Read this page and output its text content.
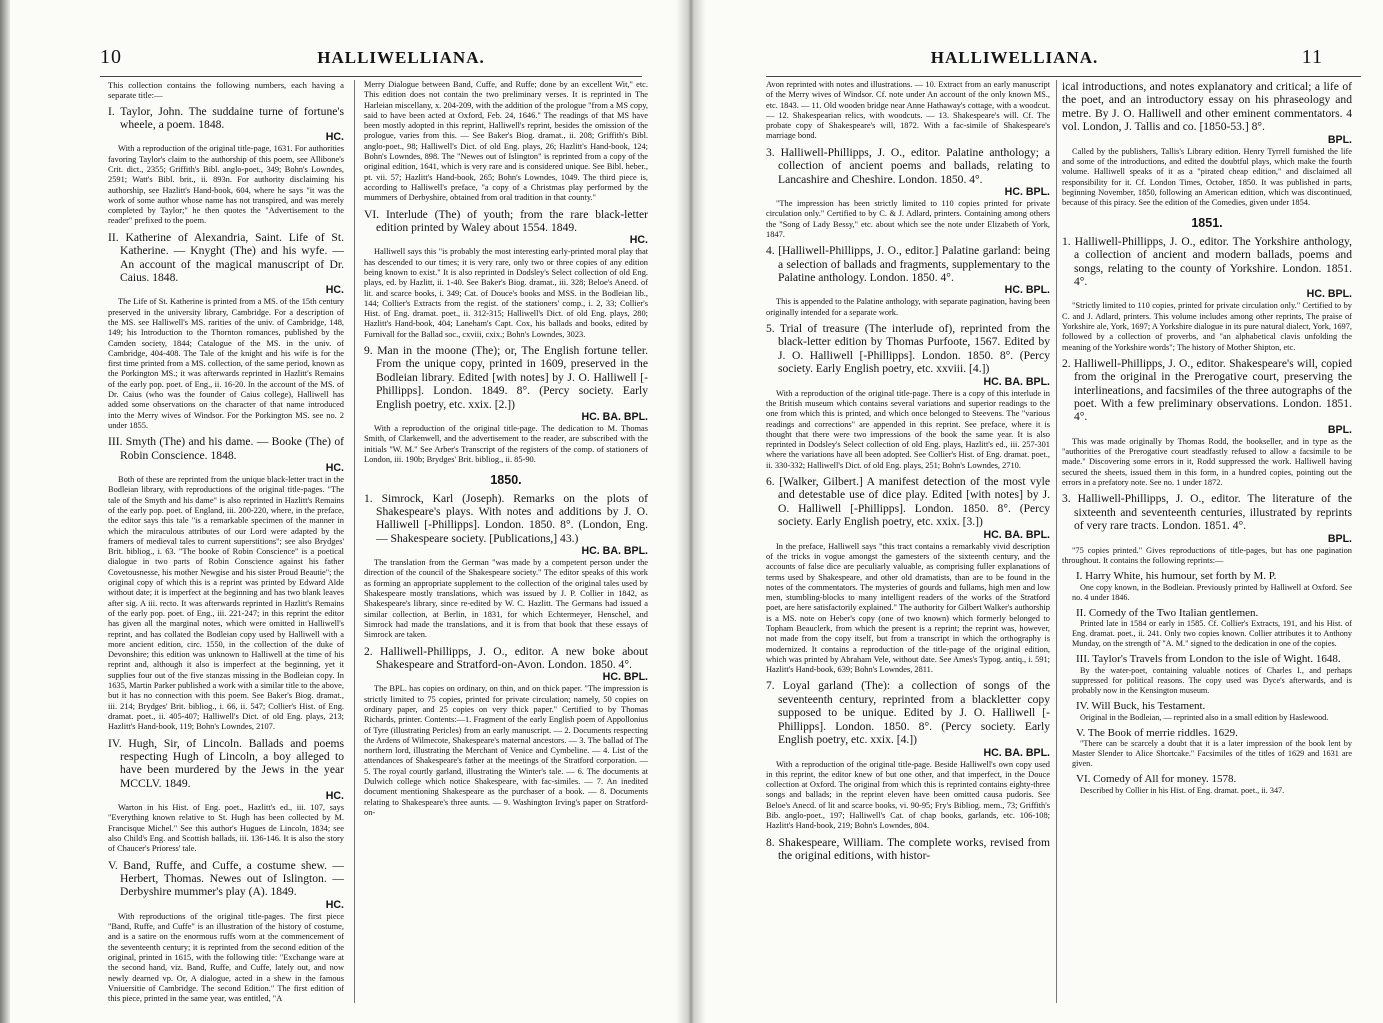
10	HALLIWELLIANA.
This collection contains the following numbers, each having a separate title:—
I. Taylor, John. The suddaine turne of fortune's wheele, a poem. 1848.
HC.
With a reproduction of the original title-page, 1631. For authorities favoring Taylor's claim to the authorship of this poem, see Allibone's Crit. dict., 2355; Griffith's Bibl. anglo-poet., 349; Bohn's Lowndes, 2591; Watt's Bibl. brit., ii. 893n. For authority disclaiming his authorship, see Hazlitt's Hand-book, 604, where he says "it was the work of some author whose name has not transpired, and was merely completed by Taylor;" he then quotes the "Advertisement to the reader" prefixed to the poem.
II. Katherine of Alexandria, Saint. Life of St. Katherine. — Knyght (The) and his wyfe. — An account of the magical manuscript of Dr. Caius. 1848.
HC.
The Life of St. Katherine is printed from a MS. of the 15th century preserved in the university library, Cambridge. For a description of the MS. see Halliwell's MS. rarities of the univ. of Cambridge, 148, 149; his Introduction to the Thornton romances, published by the Camden society, 1844; Catalogue of the MS. in the univ. of Cambridge, 404-408. The Tale of the knight and his wife is for the first time printed from a MS. collection, of the same period, known as the Porkington MS.; it was afterwards reprinted in Hazlitt's Remains of the early pop. poet. of Eng., ii. 16-20. In the account of the MS. of Dr. Caius (who was the founder of Caius college), Halliwell has added some observations on the character of that name introduced into the Merry wives of Windsor. For the Porkington MS. see no. 2 under 1855.
III. Smyth (The) and his dame. — Booke (The) of Robin Conscience. 1848.
HC.
Both of these are reprinted from the unique black-letter tract in the Bodleian library, with reproductions of the original title-pages. "The tale of the Smyth and his dame" is also reprinted in Hazlitt's Remains of the early pop. poet. of England, iii. 200-220, where, in the preface, the editor says this tale "is a remarkable specimen of the manner in which the miraculous attributes of our Lord were adapted by the framers of medieval tales to current superstitions"; see also Brydges' Brit. bibliog., i. 63. "The booke of Robin Conscience" is a poetical dialogue in two parts of Robin Conscience against his father Covetousnesse, his mother Newgise and his sister Proud Beautie"; the original copy of which this is a reprint was printed by Edward Alde without date; it is imperfect at the beginning and has two blank leaves after sig. A iii. recto. It was afterwards reprinted in Hazlitt's Remains of the early pop. poet. of Eng., iii. 221-247; in this reprint the editor has given all the marginal notes, which were omitted in Halliwell's reprint, and has collated the Bodleian copy used by Halliwell with a more ancient edition, circ. 1550, in the collection of the duke of Devonshire; this edition was unknown to Halliwell at the time of his reprint and, although it also is imperfect at the beginning, yet it supplies four out of the five stanzas missing in the Bodleian copy. In 1635, Martin Parker published a work with a similar title to the above, but it has no connection with this poem. See Baker's Biog. dramat., iii. 214; Brydges' Brit. bibliog., i. 66, ii. 547; Collier's Hist. of Eng. dramat. poet., ii. 405-407; Halliwell's Dict. of old Eng. plays, 213; Hazlitt's Hand-book, 119; Bohn's Lowndes, 2107.
IV. Hugh, Sir, of Lincoln. Ballads and poems respecting Hugh of Lincoln, a boy alleged to have been murdered by the Jews in the year MCCLV. 1849.
HC.
Warton in his Hist. of Eng. poet., Hazlitt's ed., iii. 107, says "Everything known relative to St. Hugh has been collected by M. Francisque Michel." See this author's Hugues de Lincoln, 1834; see also Child's Eng. and Scottish ballads, iii. 136-146. It is also the story of Chaucer's Prioress' tale.
V. Band, Ruffe, and Cuffe, a costume shew. — Herbert, Thomas. Newes out of Islington. — Derbyshire mummer's play (A). 1849.
HC.
With reproductions of the original title-pages. The first piece "Band, Ruffe, and Cuffe" is an illustration of the history of costume, and is a satire on the enormous ruffs worn at the commencement of the seventeenth century; it is reprinted from the second edition of the original, printed in 1615, with the following title: "Exchange ware at the second hand, viz. Band, Ruffe, and Cuffe, lately out, and now newly dearned vp. Or, A dialogue, acted in a shew in the famous Vniuersitie of Cambridge. The second Edition." The first edition of this piece, printed in the same year, was entitled, "A
Merry Dialogue between Band, Cuffe, and Ruffe; done by an excellent Wit," etc. This edition does not contain the two preliminary verses. It is reprinted in The Harleian miscellany, x. 204-209, with the addition of the prologue "from a MS copy, said to have been acted at Oxford, Feb. 24, 1646." The readings of that MS have been mostly adopted in this reprint, Halliwell's reprint, besides the omission of the prologue, varies from this. — See Baker's Biog. dramat., ii. 208; Griffith's Bibl. anglo-poet., 98; Halliwell's Dict. of old Eng. plays, 26; Hazlitt's Hand-book, 124; Bohn's Lowndes, 898. The "Newes out of Islington" is reprinted from a copy of the original edition, 1641, which is very rare and is considered unique. See Bibl. heber., pt. vii. 57; Hazlitt's Hand-book, 265; Bohn's Lowndes, 1049. The third piece is, according to Halliwell's preface, "a copy of a Christmas play performed by the mummers of Derbyshire, obtained from oral tradition in that county."
VI. Interlude (The) of youth; from the rare black-letter edition printed by Waley about 1554. 1849.
HC.
Halliwell says this "is probably the most interesting early-printed moral play that has descended to our times; it is very rare, only two or three copies of any edition being known to exist." It is also reprinted in Dodsley's Select collection of old Eng. plays, ed. by Hazlitt, ii. 1-40. See Baker's Biog. dramat., iii. 328; Beloe's Anecd. of lit. and scarce books, i. 349; Cat. of Douce's books and MSS. in the Bodleian lib., 144; Collier's Extracts from the regist. of the stationers' comp., i. 2, 33; Collier's Hist. of Eng. dramat. poet., ii. 312-315; Halliwell's Dict. of old Eng. plays, 280; Hazlitt's Hand-book, 404; Laneham's Capt. Cox, his ballads and books, edited by Furnivall for the Ballad soc., cxviii, cxix.; Bohn's Lowndes, 3023.
9. Man in the moone (The); or, The English fortune teller. From the unique copy, printed in 1609, preserved in the Bodleian library. Edited [with notes] by J. O. Halliwell [-Phillipps]. London. 1849. 8°. (Percy society. Early English poetry, etc. xxix. [2.])
HC. BA. BPL.
With a reproduction of the original title-page. The dedication to M. Thomas Smith, of Clarkenwell, and the advertisement to the reader, are subscribed with the initials "W. M." See Arber's Transcript of the registers of the comp. of stationers of London, iii. 190b; Brydges' Brit. bibliog., ii. 85-90.
1850.
1. Simrock, Karl (Joseph). Remarks on the plots of Shakespeare's plays. With notes and additions by J. O. Halliwell [-Phillipps]. London. 1850. 8°. (London, Eng. — Shakespeare society. [Publications,] 43.)
HC. BA. BPL.
The translation from the German "was made by a competent person under the direction of the council of the Shakespeare society." The editor speaks of this work as forming an appropriate supplement to the collection of the original tales used by Shakespeare mostly translations, which was issued by J. P. Collier in 1842, as Shakespeare's library, since re-edited by W. C. Hazlitt. The Germans had issued a similar collection, at Berlin, in 1831, for which Echtermeyer, Henschel, and Simrock had made the translations, and it is from that book that these essays of Simrock are taken.
2. Halliwell-Phillipps, J. O., editor. A new boke about Shakespeare and Stratford-on-Avon. London. 1850. 4°.
HC. BPL.
The BPL. has copies on ordinary, on thin, and on thick paper. "The impression is strictly limited to 75 copies, printed for private circulation; namely, 50 copies on ordinary paper, and 25 copies on very thick paper." Certified to by Thomas Richards, printer. Contents:—1. Fragment of the early English poem of Appollonius of Tyre (illustrating Pericles) from an early manuscript. — 2. Documents respecting the Ardens of Wilmecote, Shakespeare's maternal ancestors. — 3. The ballad of The northern lord, illustrating the Merchant of Venice and Cymbeline. — 4. List of the attendances of Shakespeare's father at the meetings of the Stratford corporation. — 5. The royal courtly garland, illustrating the Winter's tale. — 6. The documents at Dulwich college which notice Shakespeare, with fac-similes. — 7. An inedited document mentioning Shakespeare as the purchaser of a book. — 8. Documents relating to Shakespeare's three aunts. — 9. Washington Irving's paper on Stratford-on-
HALLIWELLIANA.	11
Avon reprinted with notes and illustrations. — 10. Extract from an early manuscript of the Merry wives of Windsor. Cf. note under An account of the only known MS., etc. 1843. — 11. Old wooden bridge near Anne Hathaway's cottage, with a woodcut. — 12. Shakespearian relics, with woodcuts. — 13. Shakespeare's will. Cf. The probate copy of Shakespeare's will, 1872. With a fac-simile of Shakespeare's marriage bond.
3. Halliwell-Phillipps, J. O., editor. Palatine anthology; a collection of ancient poems and ballads, relating to Lancashire and Cheshire. London. 1850. 4°.
HC. BPL.
"The impression has been strictly limited to 110 copies printed for private circulation only." Certified to by C. & J. Adlard, printers. Containing among others the "Song of Lady Bessy," etc. about which see the note under Elizabeth of York, 1847.
4. [Halliwell-Phillipps, J. O., editor.] Palatine garland: being a selection of ballads and fragments, supplementary to the Palatine anthology. London. 1850. 4°.
HC. BPL.
This is appended to the Palatine anthology, with separate pagination, having been originally intended for a separate work.
5. Trial of treasure (The interlude of), reprinted from the black-letter edition by Thomas Purfoote, 1567. Edited by J. O. Halliwell [-Phillipps]. London. 1850. 8°. (Percy society. Early English poetry, etc. xxviii. [4.])
HC. BA. BPL.
With a reproduction of the original title-page. There is a copy of this interlude in the British museum which contains several variations and superior readings to the one from which this is printed, and which once belonged to Steevens. The "various readings and corrections" are appended in this reprint. See preface, where it is thought that there were two impressions of the book the same year. It is also reprinted in Dodsley's Select collection of old Eng. plays, Hazlitt's ed., iii. 257-301 where the variations have all been adopted. See Collier's Hist. of Eng. dramat. poet., ii. 330-332; Halliwell's Dict. of old Eng. plays, 251; Bohn's Lowndes, 2710.
6. [Walker, Gilbert.] A manifest detection of the most vyle and detestable use of dice play. Edited [with notes] by J. O. Halliwell [-Phillipps]. London. 1850. 8°. (Percy society. Early English poetry, etc. xxix. [3.])
HC. BA. BPL.
In the preface, Halliwell says "this tract contains a remarkably vivid description of the tricks in vogue amongst the gamesters of the sixteenth century, and the accounts of false dice are peculiarly valuable, as comprising fuller explanations of terms used by Shakespeare, and other old dramatists, than are to be found in the notes of the commentators. The mysteries of gourds and fullams, high men and low men, stumbling-blocks to many intelligent readers of the works of the Stratford poet, are here satisfactorily explained." The authority for Gilbert Walker's authorship is a MS. note on Heber's copy (one of two known) which formerly belonged to Topham Beauclerk, from which the present is a reprint; the reprint was, however, not made from the copy itself, but from a transcript in which the orthography is modernized. It contains a reproduction of the title-page of the original edition, which was printed by Abraham Vele, without date. See Ames's Typog. antiq., i. 591; Hazlitt's Hand-book, 639; Bohn's Lowndes, 2811.
7. Loyal garland (The): a collection of songs of the seventeenth century, reprinted from a blackletter copy supposed to be unique. Edited by J. O. Halliwell [-Phillipps]. London. 1850. 8°. (Percy society. Early English poetry, etc. xxix. [4.])
HC. BA. BPL.
With a reproduction of the original title-page. Beside Halliwell's own copy used in this reprint, the editor knew of but one other, and that imperfect, in the Douce collection at Oxford. The original from which this is reprinted contains eighty-three songs and ballads; in the reprint eleven have been omitted causa pudoris. See Beloe's Anecd. of lit and scarce books, vi. 90-95; Fry's Bibliog. mem., 73; Griffith's Bib. anglo-poet., 197; Halliwell's Cat. of chap books, garlands, etc. 106-108; Hazlitt's Hand-book, 219; Bohn's Lowndes, 804.
8. Shakespeare, William. The complete works, revised from the original editions, with histor-
ical introductions, and notes explanatory and critical; a life of the poet, and an introductory essay on his phraseology and metre. By J. O. Halliwell and other eminent commentators. 4 vol. London, J. Tallis and co. [1850-53.] 8°.
BPL.
Called by the publishers, Tallis's Library edition. Henry Tyrrell furnished the life and some of the introductions, and edited the doubtful plays, which make the fourth volume. Halliwell speaks of it as a "pirated cheap edition," and disclaimed all responsibility for it. Cf. London Times, October, 1850. It was published in parts, beginning November, 1850, following an American edition, which was discontinued, because of this piracy. See the edition of the Comedies, given under 1854.
1851.
1. Halliwell-Phillipps, J. O., editor. The Yorkshire anthology, a collection of ancient and modern ballads, poems and songs, relating to the county of Yorkshire. London. 1851. 4°.
HC. BPL.
"Strictly limited to 110 copies, printed for private circulation only." Certified to by C. and J. Adlard, printers. This volume includes among other reprints, The praise of Yorkshire ale, York, 1697; A Yorkshire dialogue in its pure natural dialect, York, 1697, followed by a collection of proverbs, and "an alphabetical clavis unfolding the meaning of the Yorkshire words"; The history of Mother Shipton, etc.
2. Halliwell-Phillipps, J. O., editor. Shakespeare's will, copied from the original in the Prerogative court, preserving the interlineations, and facsimiles of the three autographs of the poet. With a few preliminary observations. London. 1851. 4°.
BPL.
This was made originally by Thomas Rodd, the bookseller, and in type as the "authorities of the Prerogative court steadfastly refused to allow a facsimile to be made." Discovering some errors in it, Rodd suppressed the work. Halliwell having secured the sheets, issued them in this form, in a hundred copies, pointing out the errors in a prefatory note. See no. 1 under 1872.
3. Halliwell-Phillipps, J. O., editor. The literature of the sixteenth and seventeenth centuries, illustrated by reprints of very rare tracts. London. 1851. 4°.
BPL.
"75 copies printed." Gives reproductions of title-pages, but has one pagination throughout. It contains the following reprints:—
I. Harry White, his humour, set forth by M. P.
One copy known, in the Bodleian. Previously printed by Halliwell at Oxford. See no. 4 under 1846.
II. Comedy of the Two Italian gentlemen.
Printed late in 1584 or early in 1585. Cf. Collier's Extracts, 191, and his Hist. of Eng. dramat. poet., ii. 241. Only two copies known. Collier attributes it to Anthony Munday, on the strength of "A. M." signed to the dedication in one of the copies.
III. Taylor's Travels from London to the isle of Wight. 1648.
By the water-poet, containing valuable notices of Charles I., and perhaps suppressed for political reasons. The copy used was Dyce's afterwards, and is probably now in the Kensington museum.
IV. Will Buck, his Testament.
Original in the Bodleian, — reprinted also in a small edition by Haslewood.
V. The Book of merrie riddles. 1629.
"There can be scarcely a doubt that it is a later impression of the book lent by Master Slender to Alice Shortcake." Facsimiles of the titles of 1629 and 1631 are given.
VI. Comedy of All for money. 1578.
Described by Collier in his Hist. of Eng. dramat. poet., ii. 347.
